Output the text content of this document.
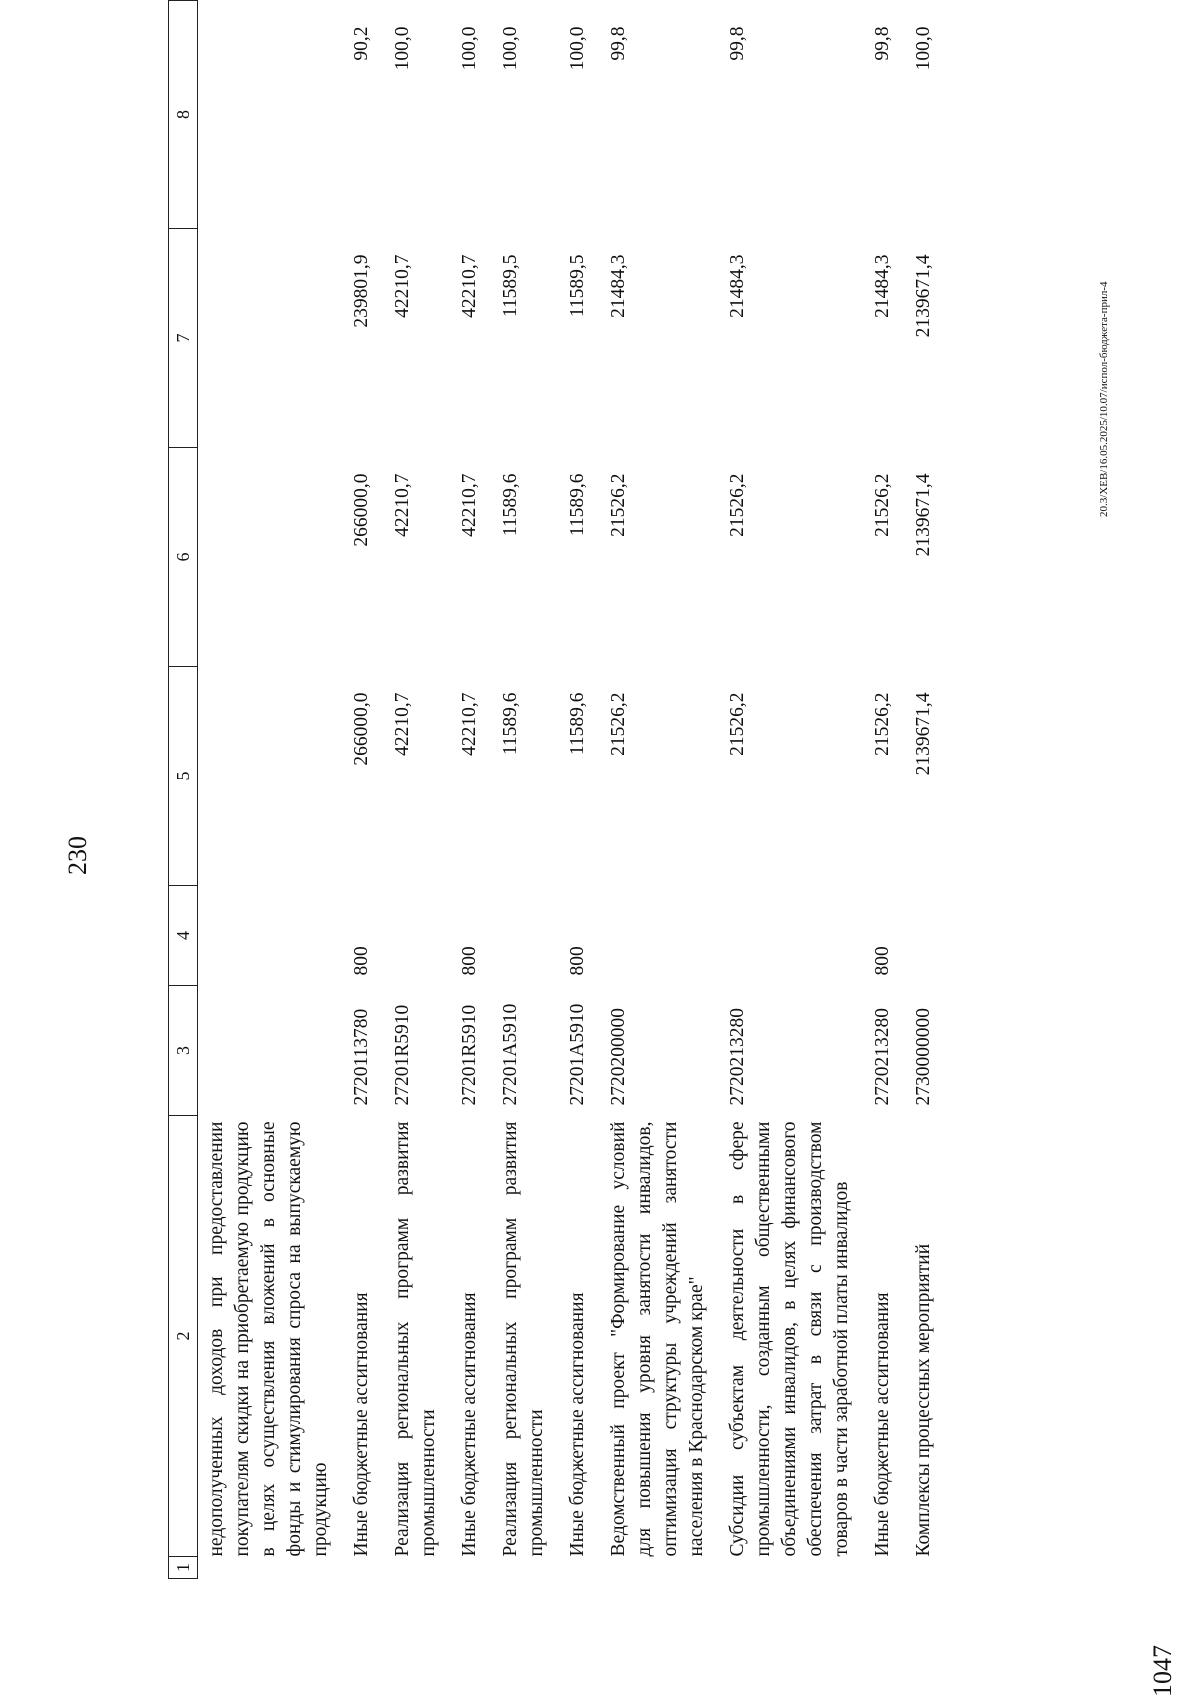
230
1	2	3	4	5	6	7	8
	недополученных доходов при предоставлении покупателям скидки на приобретаемую продукцию в целях осуществления вложений в основные фонды и стимулирования спроса на выпускаемую продукцию						
	Иные бюджетные ассигнования	2720113780	800	266000,0	266000,0	239801,9	90,2
	Реализация региональных программ развития промышленности	27201R5910		42210,7	42210,7	42210,7	100,0
	Иные бюджетные ассигнования	27201R5910	800	42210,7	42210,7	42210,7	100,0
	Реализация региональных программ развития промышленности	27201A5910		11589,6	11589,6	11589,5	100,0
	Иные бюджетные ассигнования	27201A5910	800	11589,6	11589,6	11589,5	100,0
	Ведомственный проект "Формирование условий для повышения уровня занятости инвалидов, оптимизация структуры учреждений занятости населения в Краснодарском крае"	2720200000		21526,2	21526,2	21484,3	99,8
	Субсидии субъектам деятельности в сфере промышленности, созданным общественными объединениями инвалидов, в целях финансового обеспечения затрат в связи с производством товаров в части заработной платы инвалидов	2720213280		21526,2	21526,2	21484,3	99,8
	Иные бюджетные ассигнования	2720213280	800	21526,2	21526,2	21484,3	99,8
	Комплексы процессных мероприятий	2730000000		2139671,4	2139671,4	2139671,4	100,0
20.3/ХЕВ/16.05.2025/10.07/испол-бюджета-прил-4
1047
